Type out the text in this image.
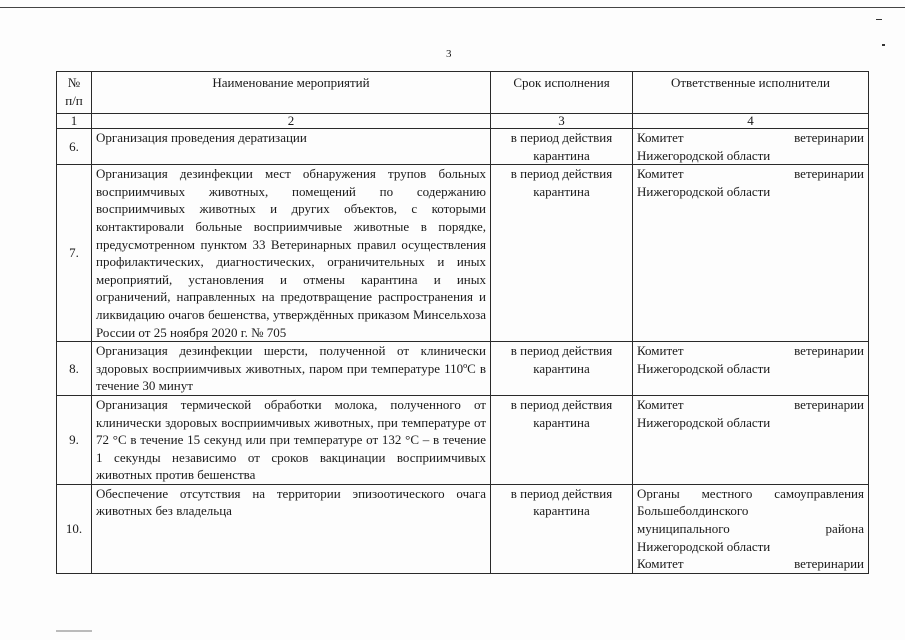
3
№ п/п	Наименование мероприятий	Срок исполнения	Ответственные исполнители
1	2	3	4
6.	Организация проведения дератизации	в период действия карантина	Комитет ветеринарии
Нижегородской области

7.	Организация дезинфекции мест обнаружения трупов больных восприимчивых животных, помещений по содержанию восприимчивых животных и других объектов, с которыми контактировали больные восприимчивые животные в порядке, предусмотренном пунктом 33 Ветеринарных правил осуществления профилактических, диагностических, ограничительных и иных мероприятий, установления и отмены карантина и иных ограничений, направленных на предотвращение распространения и ликвидацию очагов бешенства, утверждённых приказом Минсельхоза России от 25 ноября 2020 г. № 705	в период действия карантина	Комитет ветеринарии
Нижегородской области

8.	Организация дезинфекции шерсти, полученной от клинически здоровых восприимчивых животных, паром при температуре 110ºС в течение 30 минут	в период действия карантина	Комитет ветеринарии
Нижегородской области

9.	Организация термической обработки молока, полученного от клинически здоровых восприимчивых животных, при температуре от 72 °С в течение 15 секунд или при температуре от 132 °С – в течение 1 секунды независимо от сроков вакцинации восприимчивых животных против бешенства	в период действия карантина	Комитет ветеринарии
Нижегородской области

10.	Обеспечение отсутствия на территории эпизоотического очага животных без владельца	в период действия карантина	Органы местного самоуправления
Большеболдинского
муниципального района
Нижегородской области
Комитет ветеринарии
